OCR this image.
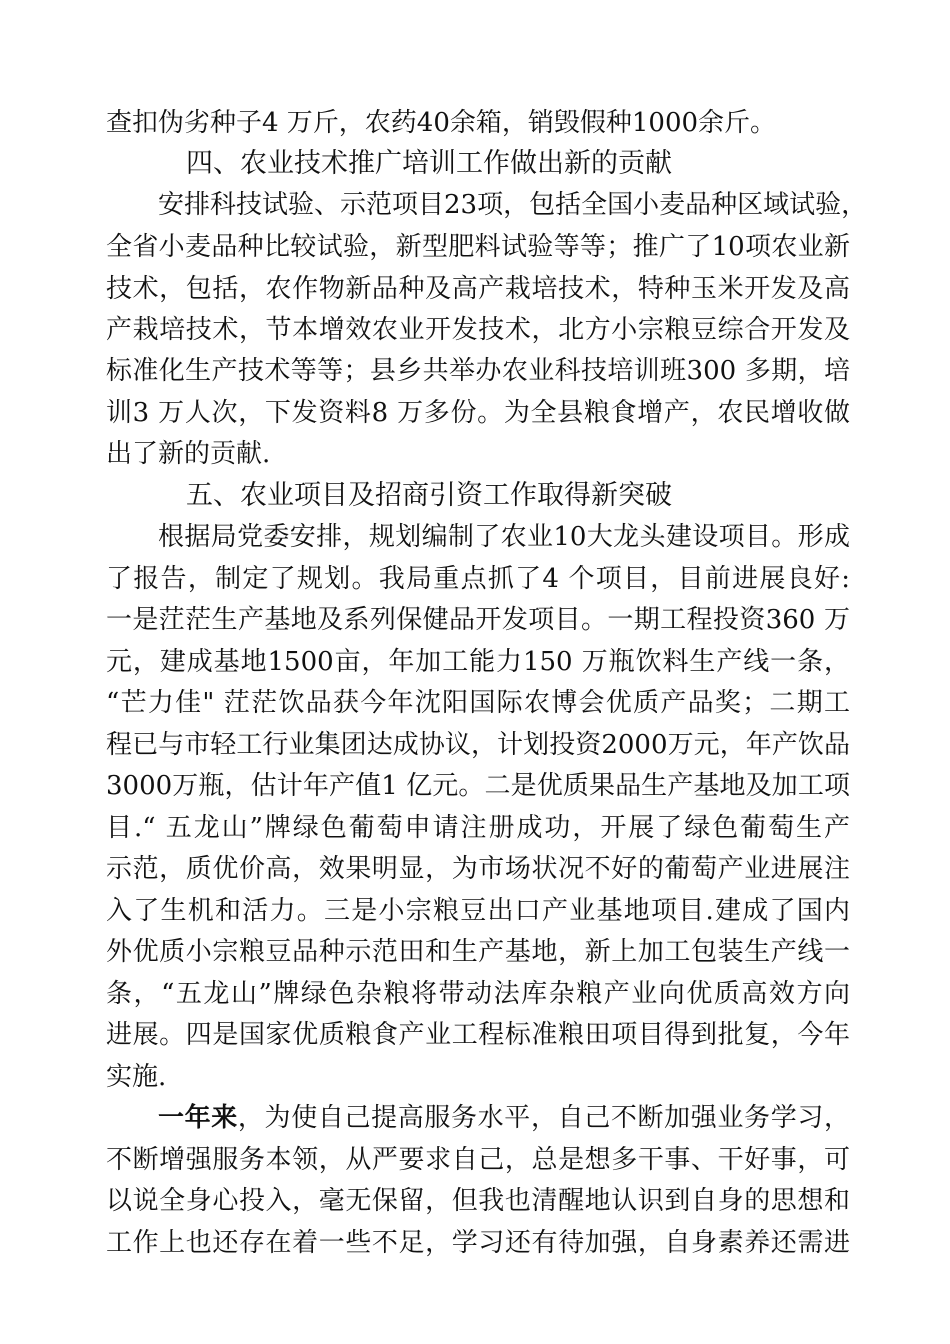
查扣伪劣种子4 万斤，农药40余箱，销毁假种1000余斤。
四、农业技术推广培训工作做出新的贡献
安排科技试验、示范项目23项，包括全国小麦品种区域试验，
全省小麦品种比较试验，新型肥料试验等等；推广了10项农业新
技术，包括，农作物新品种及高产栽培技术，特种玉米开发及高
产栽培技术，节本增效农业开发技术，北方小宗粮豆综合开发及
标准化生产技术等等；县乡共举办农业科技培训班300 多期，培
训3 万人次，下发资料8 万多份。为全县粮食增产，农民增收做
出了新的贡献.
五、农业项目及招商引资工作取得新突破
根据局党委安排，规划编制了农业10大龙头建设项目。形成
了报告，制定了规划。我局重点抓了4 个项目，目前进展良好:
一是茳茫生产基地及系列保健品开发项目。一期工程投资360 万
元，建成基地1500亩，年加工能力150 万瓶饮料生产线一条，
“芒力佳" 茳茫饮品获今年沈阳国际农博会优质产品奖；二期工
程已与市轻工行业集团达成协议，计划投资2000万元，年产饮品
3000万瓶，估计年产值1 亿元。二是优质果品生产基地及加工项
目.“ 五龙山”牌绿色葡萄申请注册成功，开展了绿色葡萄生产
示范，质优价高，效果明显，为市场状况不好的葡萄产业进展注
入了生机和活力。三是小宗粮豆出口产业基地项目.建成了国内
外优质小宗粮豆品种示范田和生产基地，新上加工包装生产线一
条，“五龙山”牌绿色杂粮将带动法库杂粮产业向优质高效方向
进展。四是国家优质粮食产业工程标准粮田项目得到批复，今年
实施.
一年来，为使自己提高服务水平，自己不断加强业务学习，
不断增强服务本领，从严要求自己，总是想多干事、干好事，可
以说全身心投入，毫无保留，但我也清醒地认识到自身的思想和
工作上也还存在着一些不足，学习还有待加强，自身素养还需进
